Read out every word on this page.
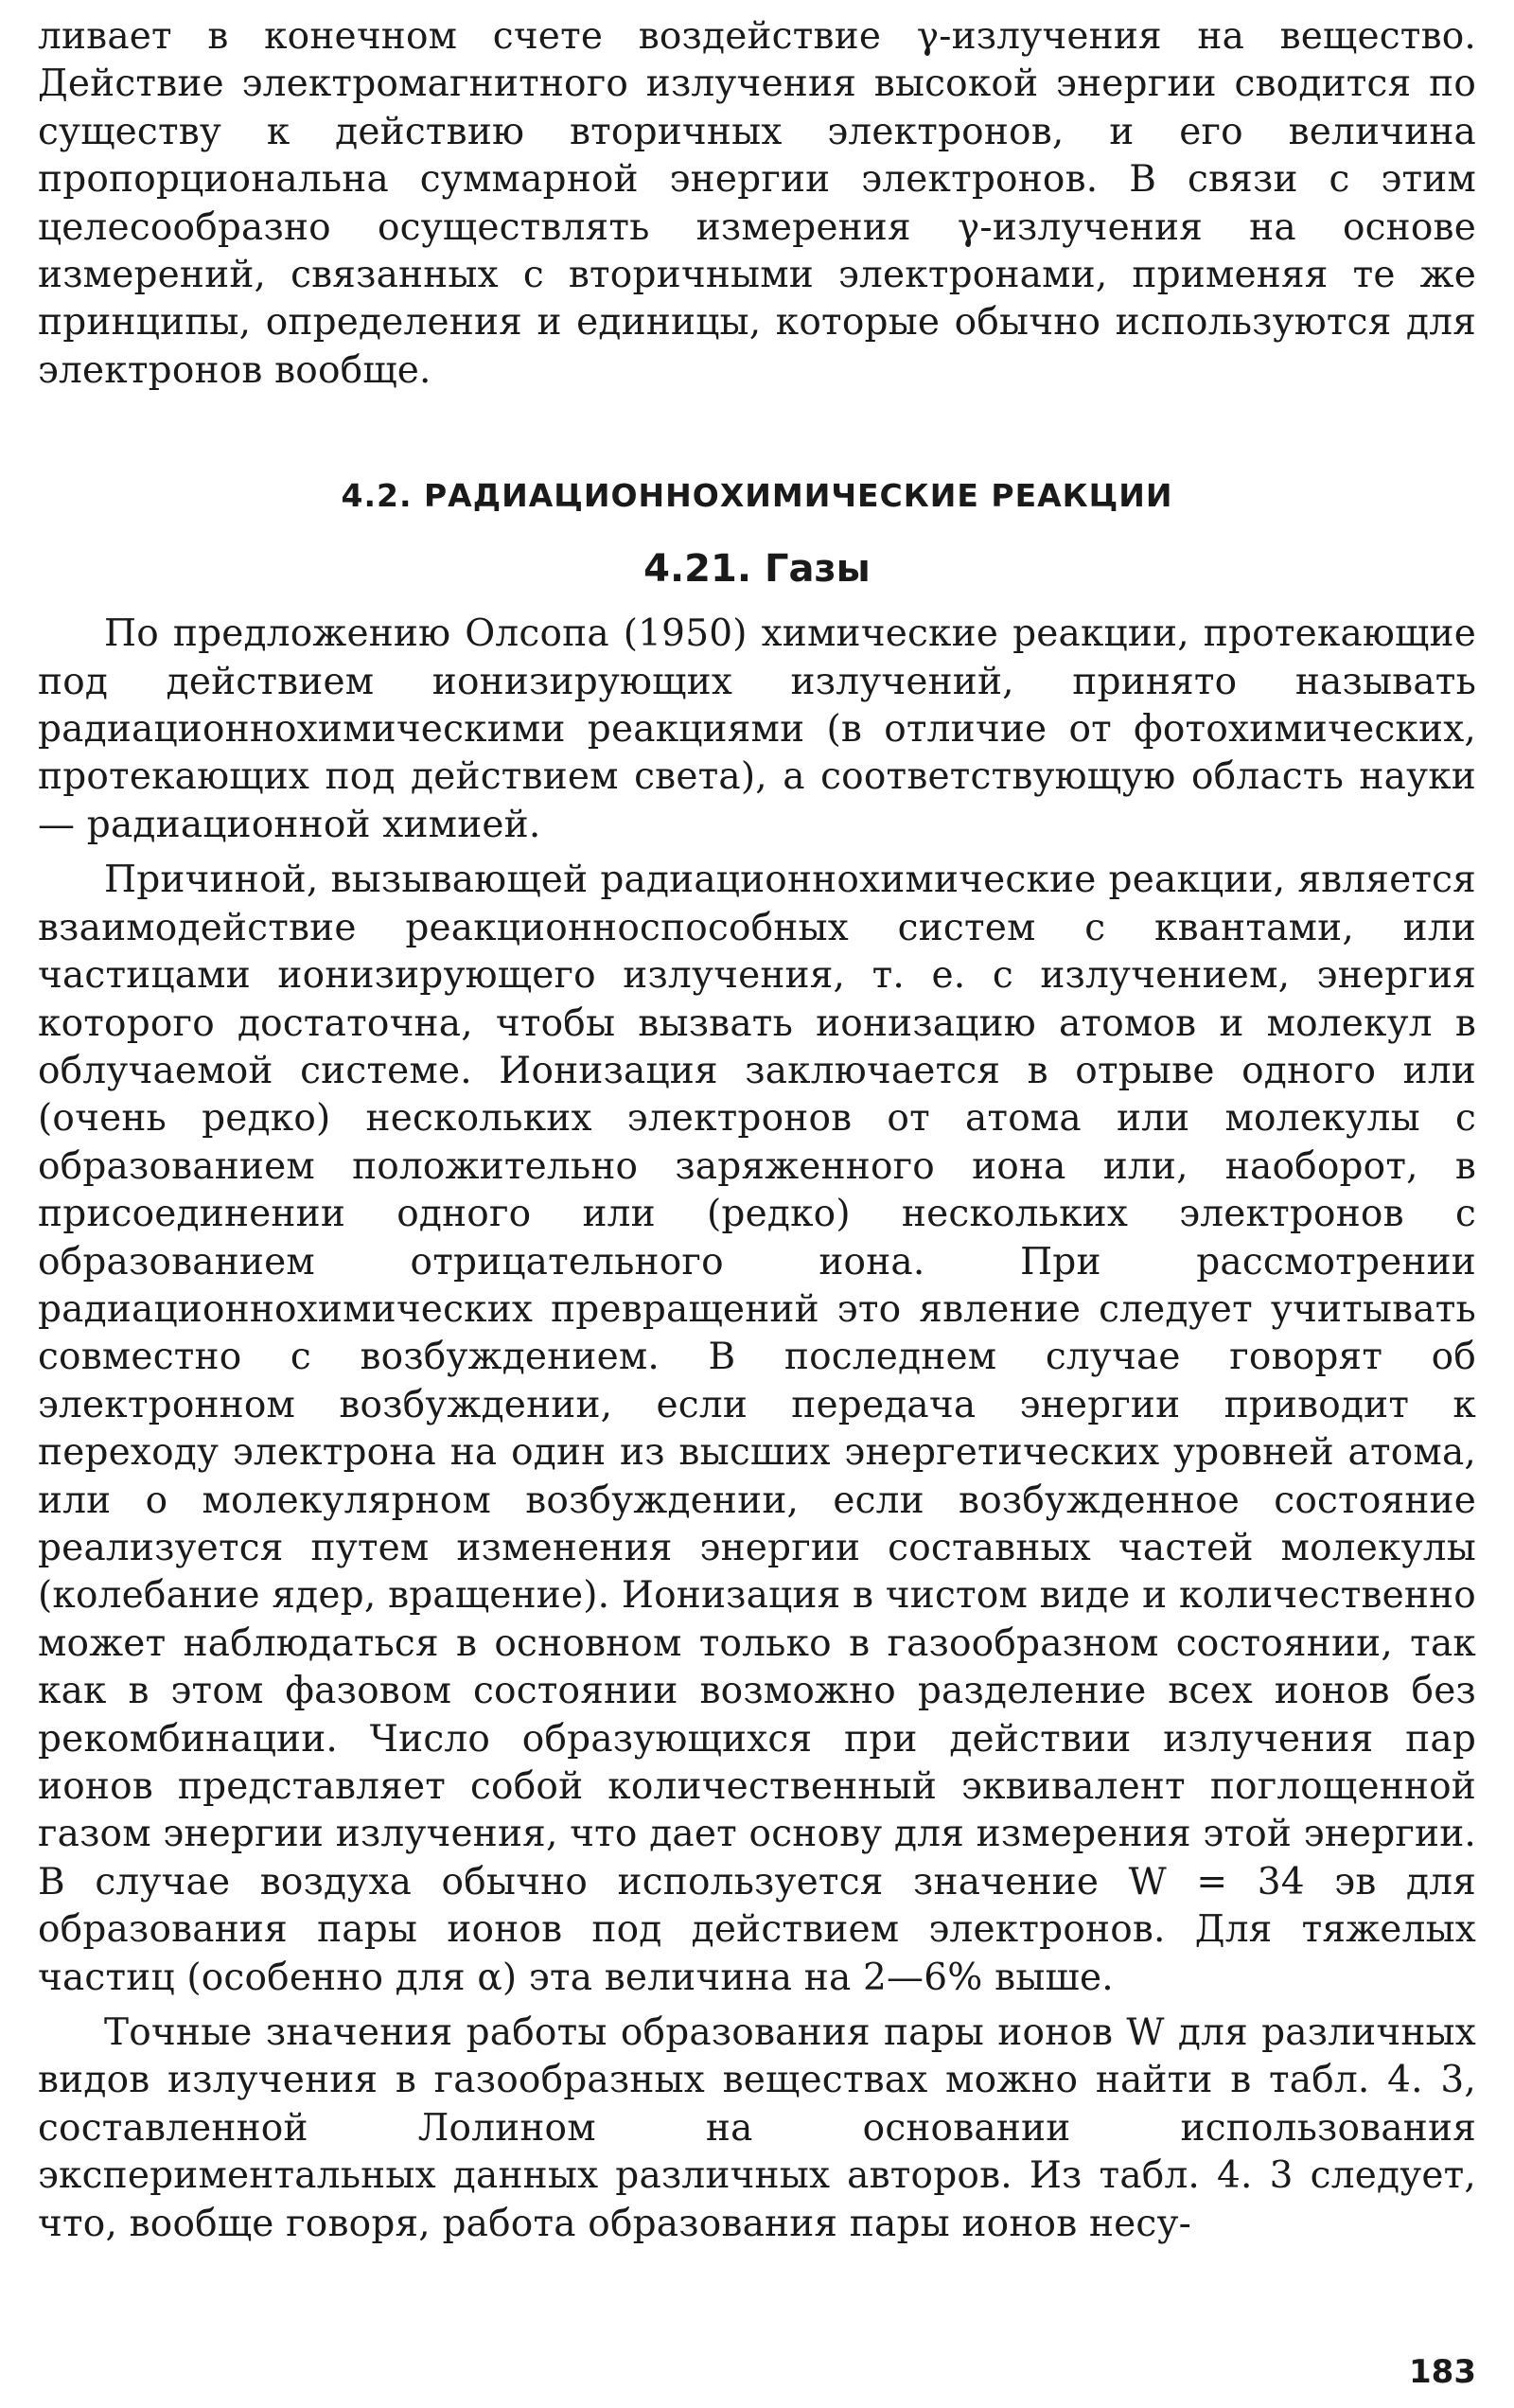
ливает в конечном счете воздействие γ-излучения на вещество. Действие электромагнитного излучения высокой энергии сводится по существу к действию вторичных электронов, и его величина пропорциональна суммарной энергии электронов. В связи с этим целесообразно осуществлять измерения γ-излучения на основе измерений, связанных с вторичными электронами, применяя те же принципы, определения и единицы, которые обычно используются для электронов вообще.

4.2. РАДИАЦИОННОХИМИЧЕСКИЕ РЕАКЦИИ
4.21. Газы

По предложению Олсопа (1950) химические реакции, протекающие под действием ионизирующих излучений, принято называть радиационнохимическими реакциями (в отличие от фотохимических, протекающих под действием света), а соответствующую область науки — радиационной химией.

Причиной, вызывающей радиационнохимические реакции, является взаимодействие реакционноспособных систем с квантами, или частицами ионизирующего излучения, т. е. с излучением, энергия которого достаточна, чтобы вызвать ионизацию атомов и молекул в облучаемой системе. Ионизация заключается в отрыве одного или (очень редко) нескольких электронов от атома или молекулы с образованием положительно заряженного иона или, наоборот, в присоединении одного или (редко) нескольких электронов с образованием отрицательного иона. При рассмотрении радиационнохимических превращений это явление следует учитывать совместно с возбуждением. В последнем случае говорят об электронном возбуждении, если передача энергии приводит к переходу электрона на один из высших энергетических уровней атома, или о молекулярном возбуждении, если возбужденное состояние реализуется путем изменения энергии составных частей молекулы (колебание ядер, вращение). Ионизация в чистом виде и количественно может наблюдаться в основном только в газообразном состоянии, так как в этом фазовом состоянии возможно разделение всех ионов без рекомбинации. Число образующихся при действии излучения пар ионов представляет собой количественный эквивалент поглощенной газом энергии излучения, что дает основу для измерения этой энергии. В случае воздуха обычно используется значение W = 34 эв для образования пары ионов под действием электронов. Для тяжелых частиц (особенно для α) эта величина на 2—6% выше.

Точные значения работы образования пары ионов W для различных видов излучения в газообразных веществах можно найти в табл. 4. 3, составленной Лолином на основании использования экспериментальных данных различных авторов. Из табл. 4. 3 следует, что, вообще говоря, работа образования пары ионов несу-

183
